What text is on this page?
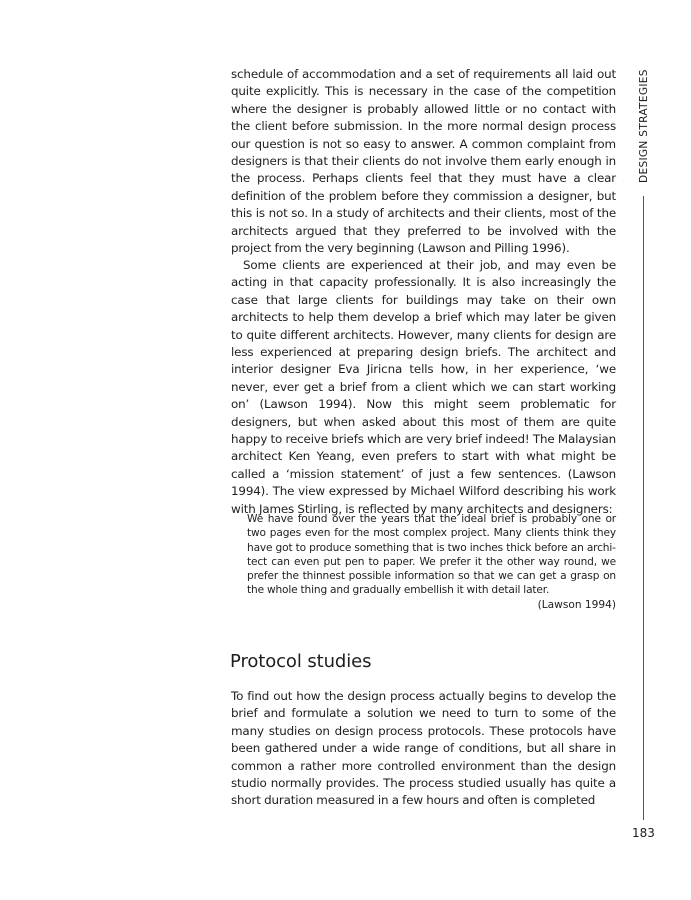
schedule of accommodation and a set of requirements all laid out quite explicitly. This is necessary in the case of the competition where the designer is probably allowed little or no contact with the client before submission. In the more normal design process our question is not so easy to answer. A common complaint from designers is that their clients do not involve them early enough in the process. Perhaps clients feel that they must have a clear definition of the problem before they commission a designer, but this is not so. In a study of architects and their clients, most of the architects argued that they preferred to be involved with the project from the very beginning (Lawson and Pilling 1996).

Some clients are experienced at their job, and may even be acting in that capacity professionally. It is also increasingly the case that large clients for buildings may take on their own architects to help them develop a brief which may later be given to quite different architects. However, many clients for design are less experienced at preparing design briefs. The architect and interior designer Eva Jiricna tells how, in her experience, ‘we never, ever get a brief from a client which we can start working on’ (Lawson 1994). Now this might seem problematic for designers, but when asked about this most of them are quite happy to receive briefs which are very brief indeed! The Malaysian architect Ken Yeang, even prefers to start with what might be called a ‘mission statement’ of just a few sentences. (Lawson 1994). The view expressed by Michael Wilford describing his work with James Stirling, is reflected by many architects and designers:

We have found over the years that the ideal brief is probably one or two pages even for the most complex project. Many clients think they have got to produce something that is two inches thick before an architect can even put pen to paper. We prefer it the other way round, we prefer the thinnest possible information so that we can get a grasp on the whole thing and gradually embellish it with detail later.

(Lawson 1994)

Protocol studies

To find out how the design process actually begins to develop the brief and formulate a solution we need to turn to some of the many studies on design process protocols. These protocols have been gathered under a wide range of conditions, but all share in common a rather more controlled environment than the design studio normally provides. The process studied usually has quite a short duration measured in a few hours and often is completed

DESIGN STRATEGIES

183
